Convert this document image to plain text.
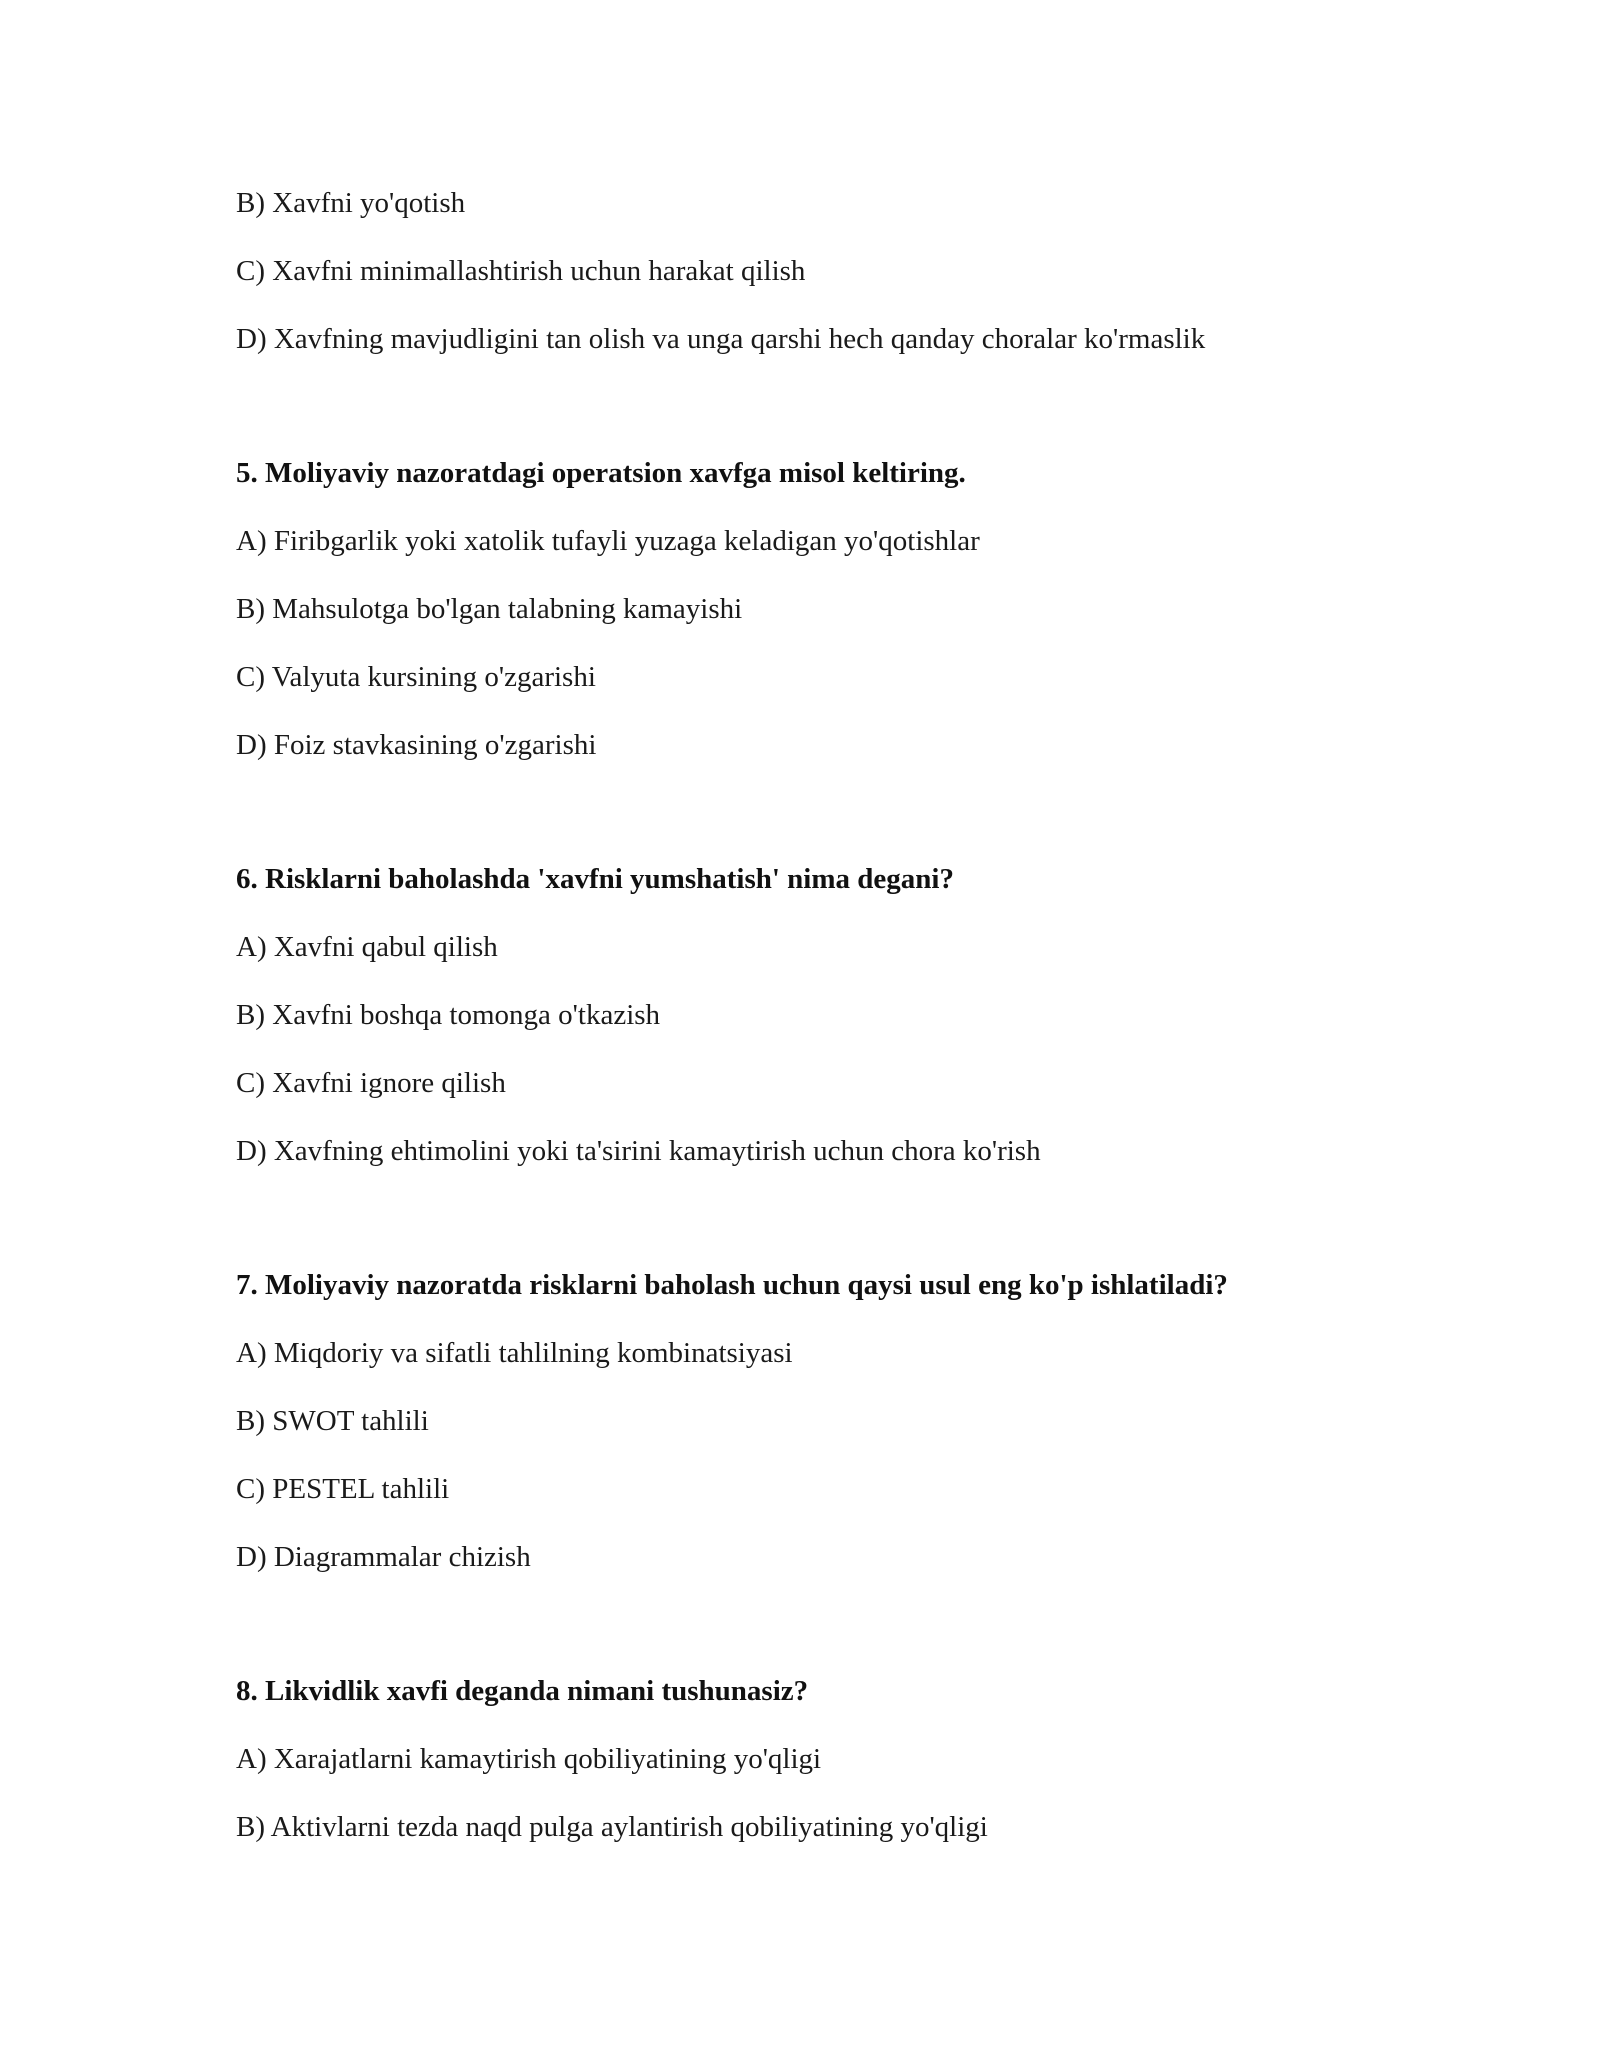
B) Xavfni yo'qotish
C) Xavfni minimallashtirish uchun harakat qilish
D) Xavfning mavjudligini tan olish va unga qarshi hech qanday choralar ko'rmaslik
5. Moliyaviy nazoratdagi operatsion xavfga misol keltiring.
A) Firibgarlik yoki xatolik tufayli yuzaga keladigan yo'qotishlar
B) Mahsulotga bo'lgan talabning kamayishi
C) Valyuta kursining o'zgarishi
D) Foiz stavkasining o'zgarishi
6. Risklarni baholashda 'xavfni yumshatish' nima degani?
A) Xavfni qabul qilish
B) Xavfni boshqa tomonga o'tkazish
C) Xavfni ignore qilish
D) Xavfning ehtimolini yoki ta'sirini kamaytirish uchun chora ko'rish
7. Moliyaviy nazoratda risklarni baholash uchun qaysi usul eng ko'p ishlatiladi?
A) Miqdoriy va sifatli tahlilning kombinatsiyasi
B) SWOT tahlili
C) PESTEL tahlili
D) Diagrammalar chizish
8. Likvidlik xavfi deganda nimani tushunasiz?
A) Xarajatlarni kamaytirish qobiliyatining yo'qligi
B) Aktivlarni tezda naqd pulga aylantirish qobiliyatining yo'qligi
